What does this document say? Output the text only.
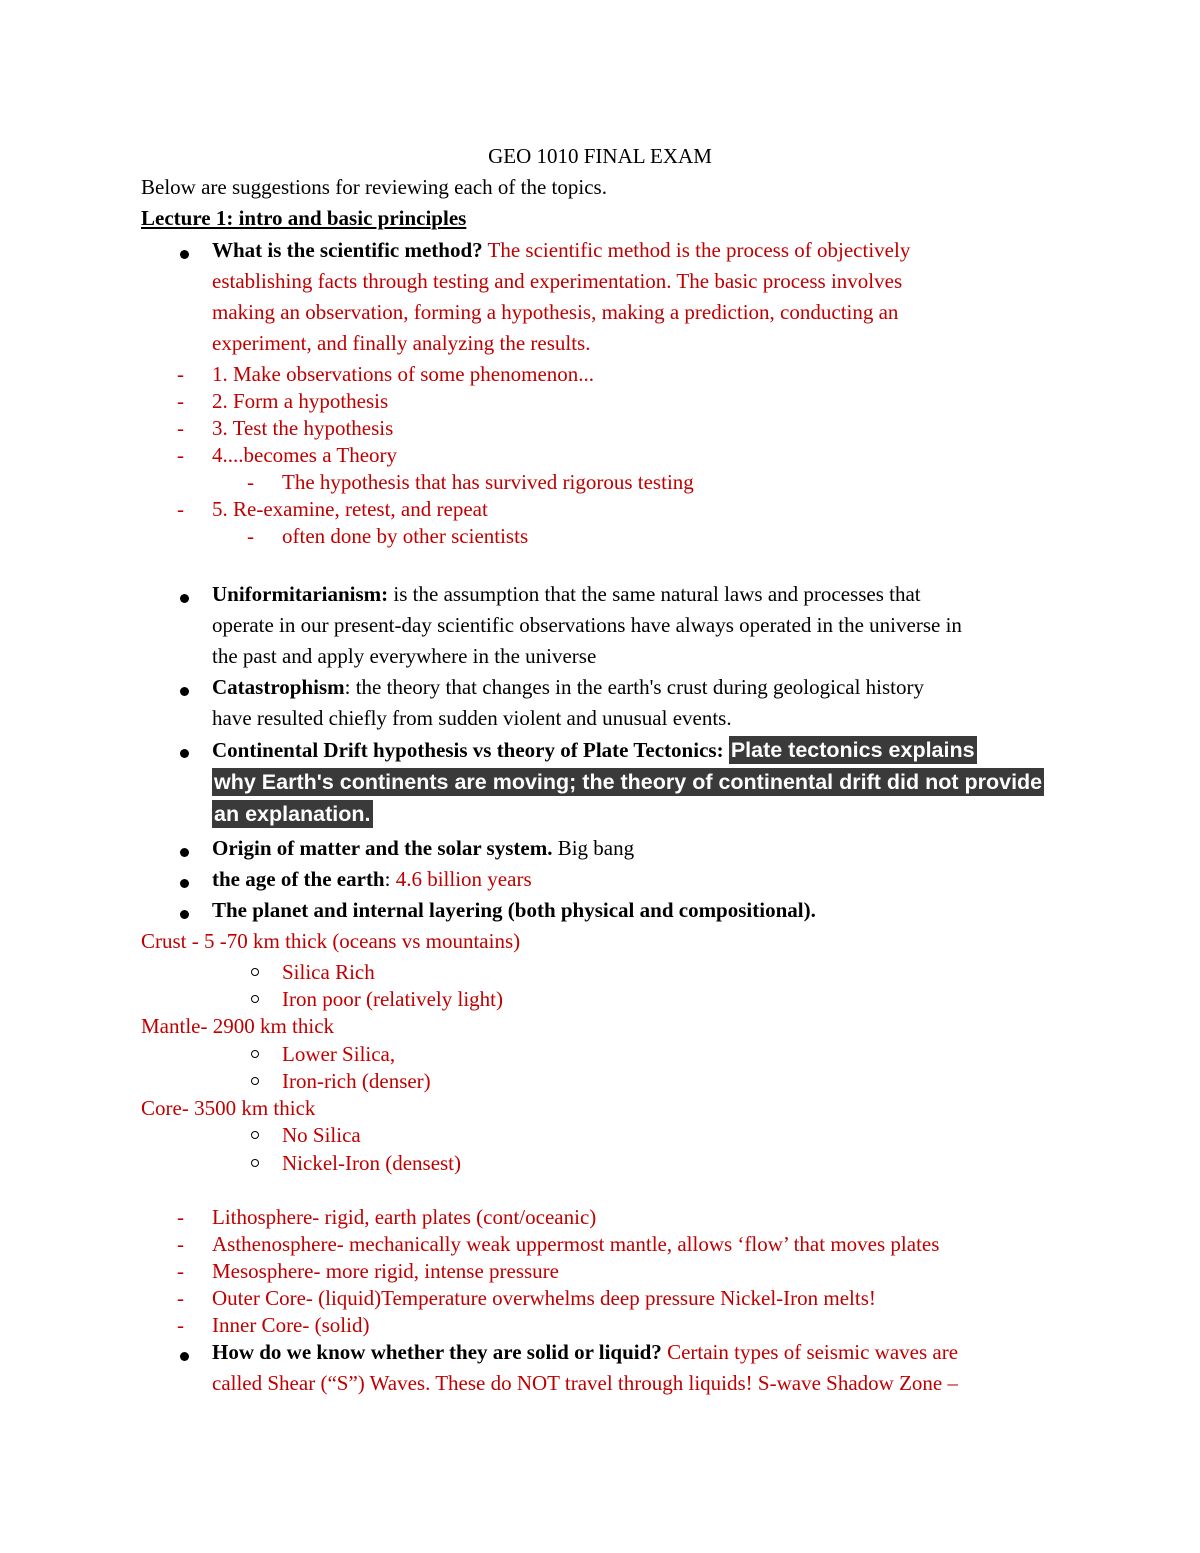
GEO 1010 FINAL EXAM
Below are suggestions for reviewing each of the topics.
Lecture 1: intro and basic principles
What is the scientific method? The scientific method is the process of objectively
establishing facts through testing and experimentation. The basic process involves
making an observation, forming a hypothesis, making a prediction, conducting an
experiment, and finally analyzing the results.
- 1. Make observations of some phenomenon...
- 2. Form a hypothesis
- 3. Test the hypothesis
- 4....becomes a Theory
- The hypothesis that has survived rigorous testing
- 5. Re-examine, retest, and repeat
- often done by other scientists
Uniformitarianism: is the assumption that the same natural laws and processes that
operate in our present-day scientific observations have always operated in the universe in
the past and apply everywhere in the universe
Catastrophism: the theory that changes in the earth's crust during geological history
have resulted chiefly from sudden violent and unusual events.
Continental Drift hypothesis vs theory of Plate Tectonics: Plate tectonics explains
why Earth's continents are moving; the theory of continental drift did not provide
an explanation.
Origin of matter and the solar system. Big bang
the age of the earth: 4.6 billion years
The planet and internal layering (both physical and compositional).
Crust - 5 -70 km thick (oceans vs mountains)
Silica Rich
Iron poor (relatively light)
Mantle- 2900 km thick
Lower Silica,
Iron-rich (denser)
Core- 3500 km thick
No Silica
Nickel-Iron (densest)
- Lithosphere- rigid, earth plates (cont/oceanic)
- Asthenosphere- mechanically weak uppermost mantle, allows ‘flow’ that moves plates
- Mesosphere- more rigid, intense pressure
- Outer Core- (liquid)Temperature overwhelms deep pressure Nickel-Iron melts!
- Inner Core- (solid)
How do we know whether they are solid or liquid? Certain types of seismic waves are
called Shear (“S”) Waves. These do NOT travel through liquids! S-wave Shadow Zone –
